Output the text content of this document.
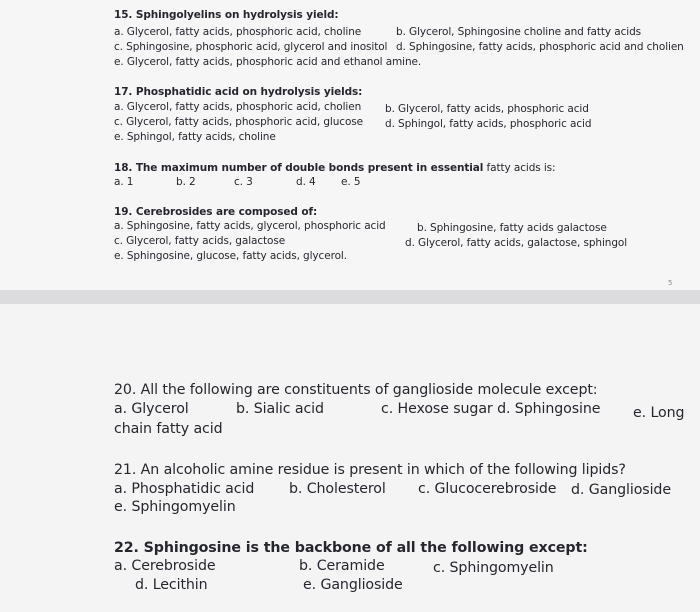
15. Sphingolyelins on hydrolysis yield:
a. Glycerol, fatty acids, phosphoric acid, choline	b. Glycerol, Sphingosine choline and fatty acids
c. Sphingosine, phosphoric acid, glycerol and inositol d. Sphingosine, fatty acids, phosphoric acid and cholien
e. Glycerol, fatty acids, phosphoric acid and ethanol amine.
17. Phosphatidic acid on hydrolysis yields:
a. Glycerol, fatty acids, phosphoric acid, cholien b. Glycerol, fatty acids, phosphoric acid
c. Glycerol, fatty acids, phosphoric acid, glucose d. Sphingol, fatty acids, phosphoric acid
e. Sphingol, fatty acids, choline
18. The maximum number of double bonds present in essential fatty acids is:
a. 1	b. 2	c. 3	d. 4 e. 5
19. Cerebrosides are composed of:
a. Sphingosine, fatty acids, glycerol, phosphoric acid	b. Sphingosine, fatty acids galactose
c. Glycerol, fatty acids, galactose	d. Glycerol, fatty acids, galactose, sphingol
e. Sphingosine, glucose, fatty acids, glycerol.
5
20. All the following are constituents of ganglioside molecule except:
a. Glycerol	b. Sialic acid	c. Hexose sugar d. Sphingosine e. Long
chain fatty acid
21. An alcoholic amine residue is present in which of the following lipids?
a. Phosphatidic acid b. Cholesterol c. Glucocerebroside d. Ganglioside
e. Sphingomyelin
22. Sphingosine is the backbone of all the following except:
a. Cerebroside	b. Ceramide	c. Sphingomyelin
d. Lecithin	e. Ganglioside
